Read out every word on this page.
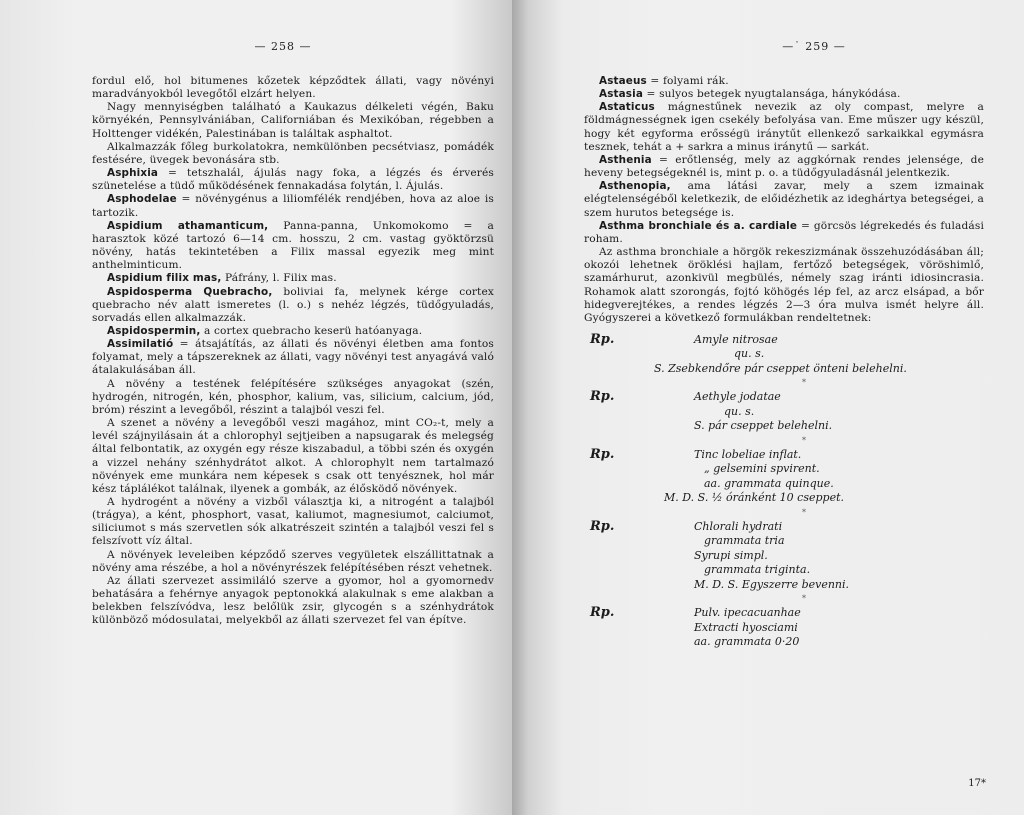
— 258 —

fordul elő, hol bitumenes kőzetek képződtek állati, vagy növényi maradványokból levegőtől elzárt helyen.

Nagy mennyiségben található a Kaukazus délkeleti végén, Baku környékén, Pennsylvániában, Californiában és Mexikóban, régebben a Holttenger vidékén, Palestinában is találtak asphaltot.

Alkalmazzák főleg burkolatokra, nemkülönben pecsétviasz, pomádék festésére, üvegek bevonására stb.

Asphixia = tetszhalál, ájulás nagy foka, a légzés és érverés szünetelése a tüdő működésének fennakadása folytán, l. Ájulás.

Asphodelae = növénygénus a liliomfélék rendjében, hova az aloe is tartozik.

Aspidium athamanticum, Panna-panna, Unkomokomo = a harasztok közé tartozó 6—14 cm. hosszu, 2 cm. vastag gyöktörzsü növény, hatás tekintetében a Filix massal egyezik meg mint anthelminticum.

Aspidium filix mas, Páfrány, l. Filix mas.

Aspidosperma Quebracho, boliviai fa, melynek kérge cortex quebracho név alatt ismeretes (l. o.) s nehéz légzés, tüdőgyuladás, sorvadás ellen alkalmazzák.

Aspidospermin, a cortex quebracho keserü hatóanyaga.

Assimilatió = átsajátítás, az állati és növényi életben ama fontos folyamat, mely a tápszereknek az állati, vagy növényi test anyagává való átalakulásában áll.

A növény a testének felépítésére szükséges anyagokat (szén, hydrogén, nitrogén, kén, phosphor, kalium, vas, silicium, calcium, jód, bróm) részint a levegőből, részint a talajból veszi fel.

A szenet a növény a levegőből veszi magához, mint CO₂-t, mely a levél szájnyilásain át a chlorophyl sejtjeiben a napsugarak és melegség által felbontatik, az oxygén egy része kiszabadul, a többi szén és oxygén a vizzel nehány szénhydrátot alkot. A chlorophylt nem tartalmazó növények eme munkára nem képesek s csak ott tenyésznek, hol már kész táplálékot találnak, ilyenek a gombák, az élősködő növények.

A hydrogént a növény a vizből választja ki, a nitrogént a talajból (trágya), a ként, phosphort, vasat, kaliumot, magnesiumot, calciumot, siliciumot s más szervetlen sók alkatrészeit szintén a talajból veszi fel s felszívott víz által.

A növények leveleiben képződő szerves vegyületek elszállittatnak a növény ama részébe, a hol a növényrészek felépítésében részt vehetnek.

Az állati szervezet assimiláló szerve a gyomor, hol a gyomornedv behatására a fehérnye anyagok peptonokká alakulnak s eme alakban a belekben felszívódva, lesz belőlük zsir, glycogén s a szénhydrátok különböző módosulatai, melyekből az állati szervezet fel van építve.

—˙ 259 —

Astaeus = folyami rák.

Astasia = sulyos betegek nyugtalansága, hánykódása.

Astaticus mágnestűnek nevezik az oly compast, melyre a földmágnességnek igen csekély befolyása van. Eme műszer ugy készül, hogy két egyforma erősségü iránytűt ellenkező sarkaikkal egymásra tesznek, tehát a + sarkra a minus iránytű — sarkát.

Asthenia = erőtlenség, mely az aggkórnak rendes jelensége, de heveny betegségeknél is, mint p. o. a tüdőgyuladásnál jelentkezik.

Asthenopia, ama látási zavar, mely a szem izmainak elégtelenségéből keletkezik, de előidézhetik az ideghártya betegségei, a szem hurutos betegsége is.

Asthma bronchiale és a. cardiale = görcsös légrekedés és fuladási roham.

Az asthma bronchiale a hörgök rekeszizmának összehuzódásában áll; okozói lehetnek öröklési hajlam, fertőző betegségek, vöröshimlő, szamárhurut, azonkivül megbülés, némely szag iránti idiosincrasia. Rohamok alatt szorongás, fojtó köhögés lép fel, az arcz elsápad, a bőr hidegverejtékes, a rendes légzés 2—3 óra mulva ismét helyre áll. Gyógyszerei a következő formulákban rendeltetnek:

Rp.	Amyle nitrosae
qu. s.
S. Zsebkendőre pár cseppet önteni belehelni.
*
Rp.	Aethyle jodatae
qu. s.
S. pár cseppet belehelni.
*
Rp.	Tinc lobeliae inflat.
„ gelsemini spvirent.
aa. grammata quinque.
M. D. S. ½ óránként 10 cseppet.
*
Rp.	Chlorali hydrati
grammata tria
Syrupi simpl.
grammata triginta.
M. D. S. Egyszerre bevenni.
*
Rp.	Pulv. ipecacuanhae
Extracti hyosciami
aa. grammata 0·20
17*
